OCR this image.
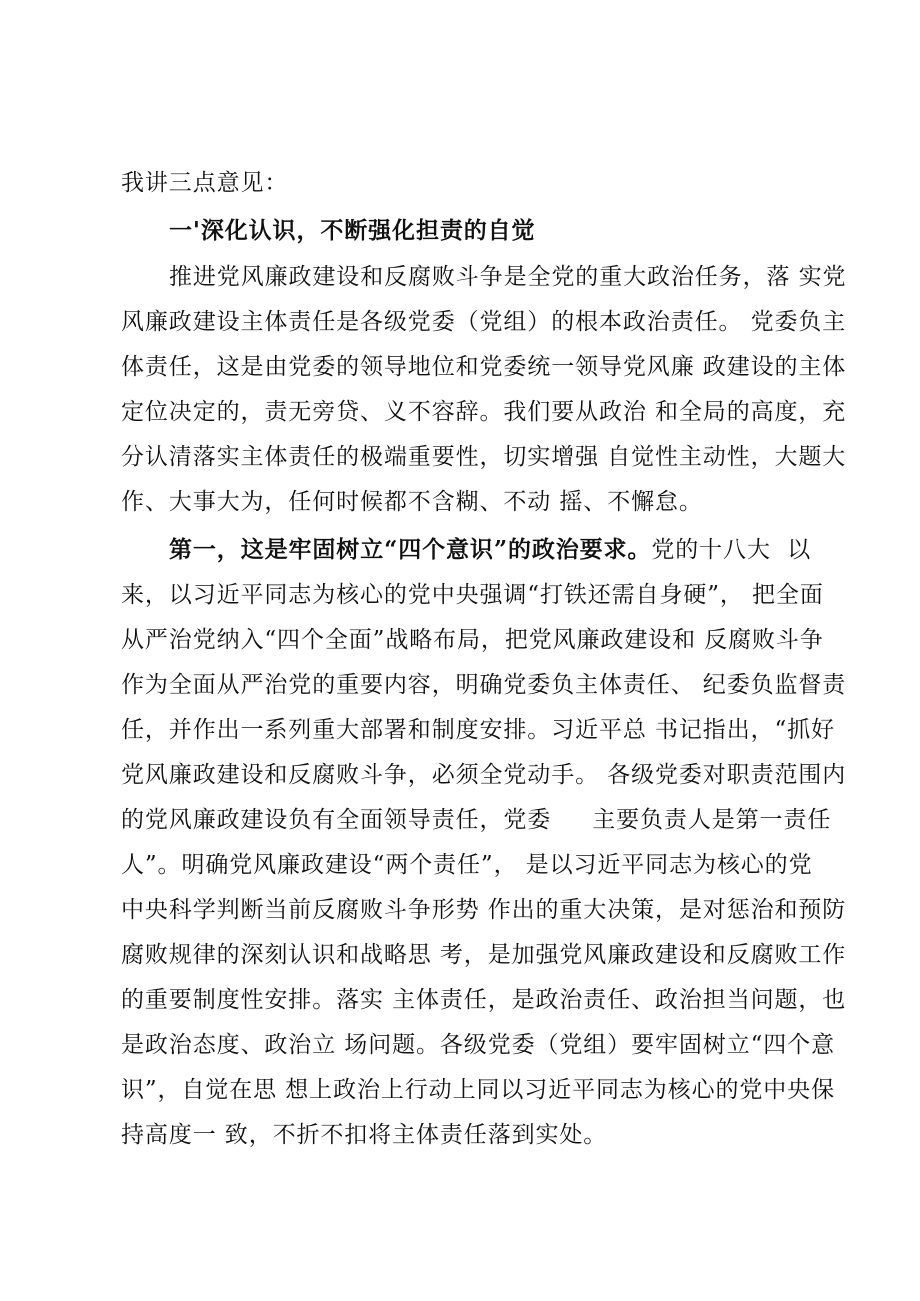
我讲三点意见：
一'深化认识，不断强化担责的自觉
推进党风廉政建设和反腐败斗争是全党的重大政治任务，落 实党
风廉政建设主体责任是各级党委（党组）的根本政治责任。 党委负主
体责任，这是由党委的领导地位和党委统一领导党风廉 政建设的主体
定位决定的，责无旁贷、义不容辞。我们要从政治 和全局的高度，充
分认清落实主体责任的极端重要性，切实增强 自觉性主动性，大题大
作、大事大为，任何时候都不含糊、不动 摇、不懈怠。
第一，这是牢固树立“四个意识”的政治要求。党的十八大  以
来，以习近平同志为核心的党中央强调“打铁还需自身硬”， 把全面
从严治党纳入“四个全面”战略布局，把党风廉政建设和 反腐败斗争
作为全面从严治党的重要内容，明确党委负主体责任、 纪委负监督责
任，并作出一系列重大部署和制度安排。习近平总 书记指出，“抓好
党风廉政建设和反腐败斗争，必须全党动手。 各级党委对职责范围内
的党风廉政建设负有全面领导责任，党委     主要负责人是第一责任
人”。明确党风廉政建设“两个责任”， 是以习近平同志为核心的党
中央科学判断当前反腐败斗争形势 作出的重大决策，是对惩治和预防
腐败规律的深刻认识和战略思 考，是加强党风廉政建设和反腐败工作
的重要制度性安排。落实 主体责任，是政治责任、政治担当问题，也
是政治态度、政治立 场问题。各级党委（党组）要牢固树立“四个意
识”，自觉在思 想上政治上行动上同以习近平同志为核心的党中央保
持高度一 致，不折不扣将主体责任落到实处。
